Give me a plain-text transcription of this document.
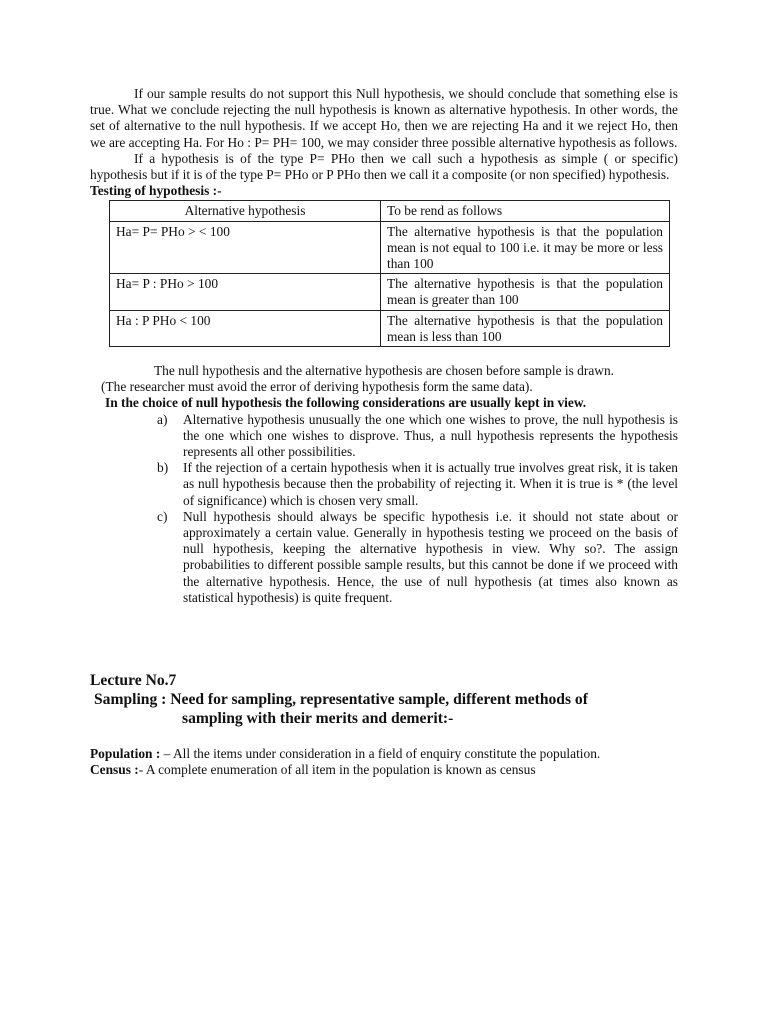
If our sample results do not support this Null hypothesis, we should conclude that something else is true. What we conclude rejecting the null hypothesis is known as alternative hypothesis. In other words, the set of alternative to the null hypothesis. If we accept Ho, then we are rejecting Ha and it we reject Ho, then we are accepting Ha. For Ho : P= PH= 100, we may consider three possible alternative hypothesis as follows.

If a hypothesis is of the type P= PHo then we call such a hypothesis as simple ( or specific) hypothesis but if it is of the type P= PHo or P PHo then we call it a composite (or non specified) hypothesis.

Testing of hypothesis :-

Alternative hypothesis	To be rend as follows
Ha= P= PHo > < 100	The alternative hypothesis is that the population mean is not equal to 100 i.e. it may be more or less than 100
Ha= P : PHo > 100	The alternative hypothesis is that the population mean is greater than 100
Ha : P PHo < 100	The alternative hypothesis is that the population mean is less than 100

The null hypothesis and the alternative hypothesis are chosen before sample is drawn.

(The researcher must avoid the error of deriving hypothesis form the same data).

In the choice of null hypothesis the following considerations are usually kept in view.

a) Alternative hypothesis unusually the one which one wishes to prove, the null hypothesis is the one which one wishes to disprove. Thus, a null hypothesis represents the hypothesis represents all other possibilities.
b) If the rejection of a certain hypothesis when it is actually true involves great risk, it is taken as null hypothesis because then the probability of rejecting it. When it is true is * (the level of significance) which is chosen very small.
c) Null hypothesis should always be specific hypothesis i.e. it should not state about or approximately a certain value. Generally in hypothesis testing we proceed on the basis of null hypothesis, keeping the alternative hypothesis in view. Why so?. The assign probabilities to different possible sample results, but this cannot be done if we proceed with the alternative hypothesis. Hence, the use of null hypothesis (at times also known as statistical hypothesis) is quite frequent.
Lecture No.7
Sampling : Need for sampling, representative sample, different methods of
sampling with their merits and demerit:-

Population : – All the items under consideration in a field of enquiry constitute the population.

Census :- A complete enumeration of all item in the population is known as census
